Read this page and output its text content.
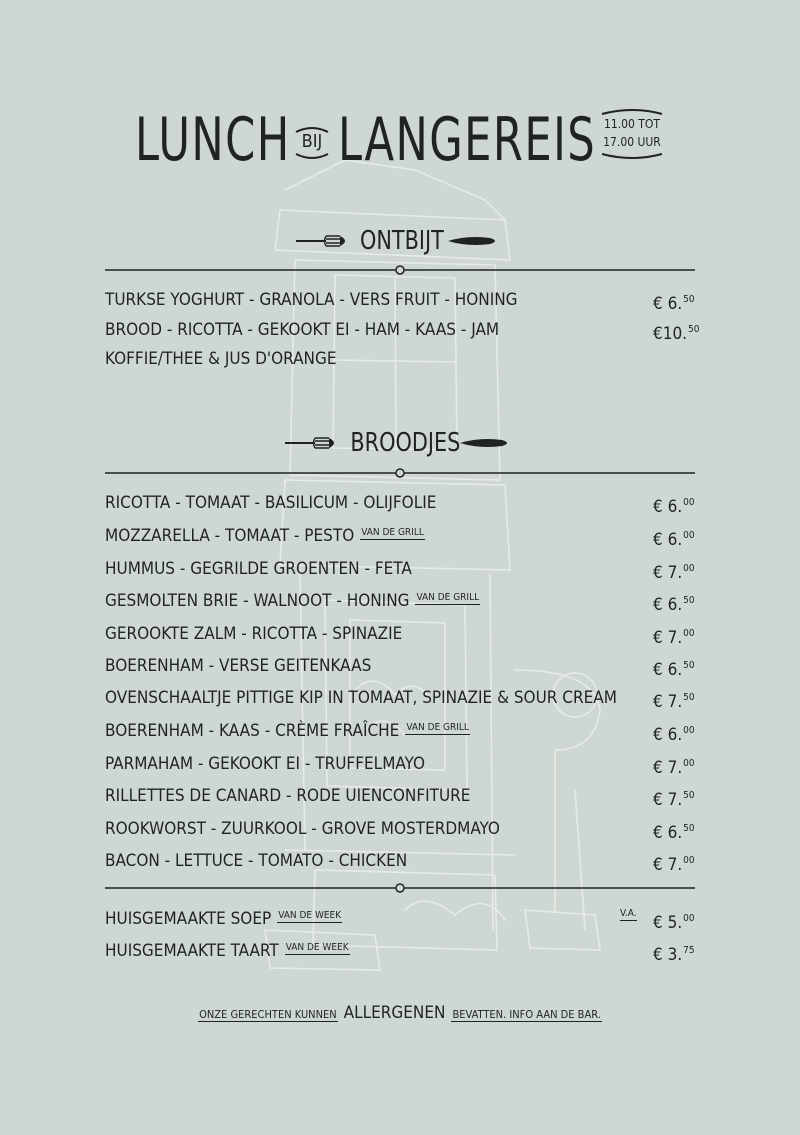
LUNCH BIJ LANGEREIS 11.00 TOT
17.00 UUR
ONTBIJT
TURKSE YOGHURT - GRANOLA - VERS FRUIT - HONING	€ 6.50
BROOD - RICOTTA - GEKOOKT EI - HAM - KAAS - JAM	€10.50
KOFFIE/THEE & JUS D'ORANGE
BROODJES
RICOTTA - TOMAAT - BASILICUM - OLIJFOLIE	€ 6.00
MOZZARELLA - TOMAAT - PESTO VAN DE GRILL	€ 6.00
HUMMUS - GEGRILDE GROENTEN - FETA	€ 7.00
GESMOLTEN BRIE - WALNOOT - HONING VAN DE GRILL	€ 6.50
GEROOKTE ZALM - RICOTTA - SPINAZIE	€ 7.00
BOERENHAM - VERSE GEITENKAAS	€ 6.50
OVENSCHAALTJE PITTIGE KIP IN TOMAAT, SPINAZIE & SOUR CREAM € 7.50
BOERENHAM - KAAS - CRÈME FRAÎCHE VAN DE GRILL	€ 6.00
PARMAHAM - GEKOOKT EI - TRUFFELMAYO	€ 7.00
RILLETTES DE CANARD - RODE UIENCONFITURE	€ 7.50
ROOKWORST - ZUURKOOL - GROVE MOSTERDMAYO	€ 6.50
BACON - LETTUCE - TOMATO - CHICKEN	€ 7.00
HUISGEMAAKTE SOEP VAN DE WEEK	V.A. € 5.00
HUISGEMAAKTE TAART VAN DE WEEK	€ 3.75
ONZE GERECHTEN KUNNEN ALLERGENEN BEVATTEN. INFO AAN DE BAR.
